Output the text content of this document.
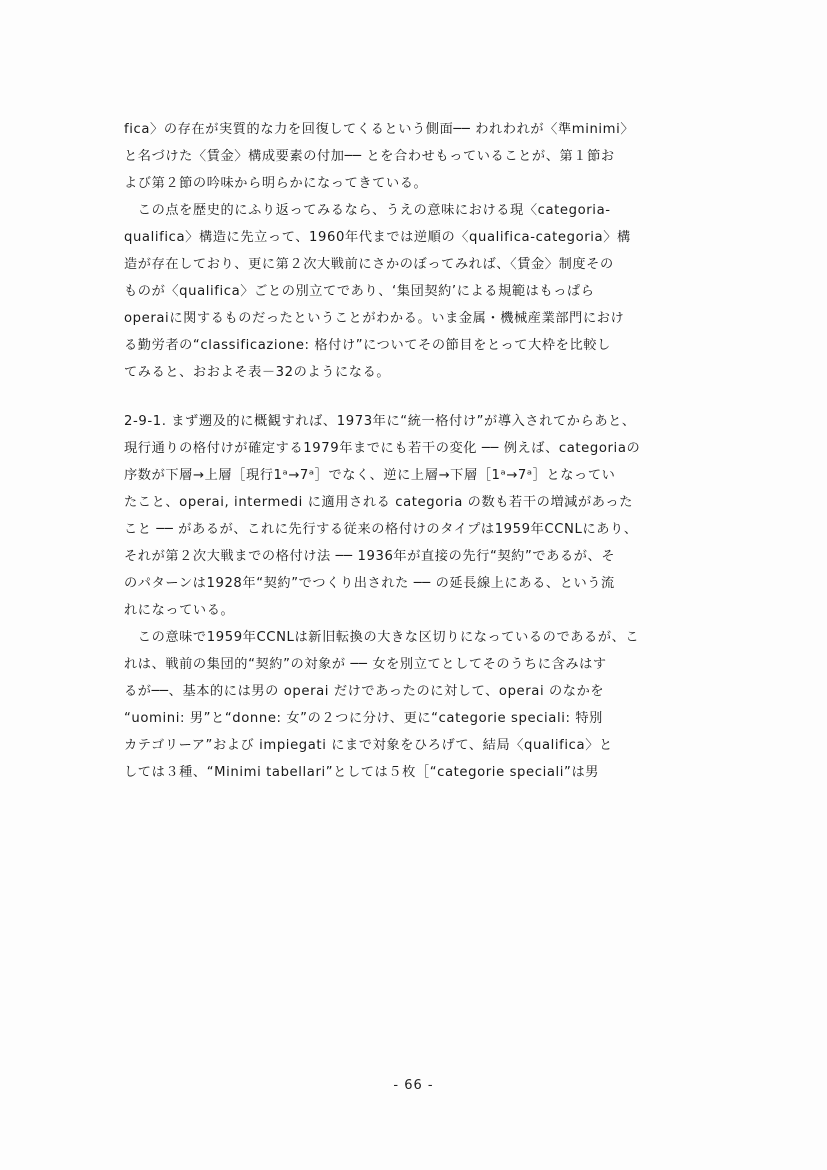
fica〉の存在が実質的な力を回復してくるという側面── われわれが〈準minimi〉
と名づけた〈賃金〉構成要素の付加── とを合わせもっていることが、第１節お
よび第２節の吟味から明らかになってきている。
　この点を歴史的にふり返ってみるなら、うえの意味における現〈categoria-
qualifica〉構造に先立って、1960年代までは逆順の〈qualifica-categoria〉構
造が存在しており、更に第２次大戦前にさかのぼってみれば、〈賃金〉制度その
ものが〈qualifica〉ごとの別立てであり、‘集団契約’による規範はもっぱら
operaiに関するものだったということがわかる。いま金属・機械産業部門におけ
る勤労者の“classificazione: 格付け”についてその節目をとって大枠を比較し
てみると、おおよそ表－32のようになる。
2-9-1. まず遡及的に概観すれば、1973年に“統一格付け”が導入されてからあと、
現行通りの格付けが確定する1979年までにも若干の変化 ── 例えば、categoriaの
序数が下層→上層［現行1ᵃ→7ᵃ］でなく、逆に上層→下層［1ᵃ→7ᵃ］となってい
たこと、operai, intermedi に適用される categoria の数も若干の増減があった
こと ── があるが、これに先行する従来の格付けのタイプは1959年CCNLにあり、
それが第２次大戦までの格付け法 ── 1936年が直接の先行“契約”であるが、そ
のパターンは1928年“契約”でつくり出された ── の延長線上にある、という流
れになっている。
　この意味で1959年CCNLは新旧転換の大きな区切りになっているのであるが、こ
れは、戦前の集団的“契約”の対象が ── 女を別立てとしてそのうちに含みはす
るが──、基本的には男の operai だけであったのに対して、operai のなかを
“uomini: 男”と“donne: 女”の２つに分け、更に“categorie speciali: 特別
カテゴリーア”および impiegati にまで対象をひろげて、結局〈qualifica〉と
しては３種、“Minimi tabellari”としては５枚［“categorie speciali”は男
- 66 -
